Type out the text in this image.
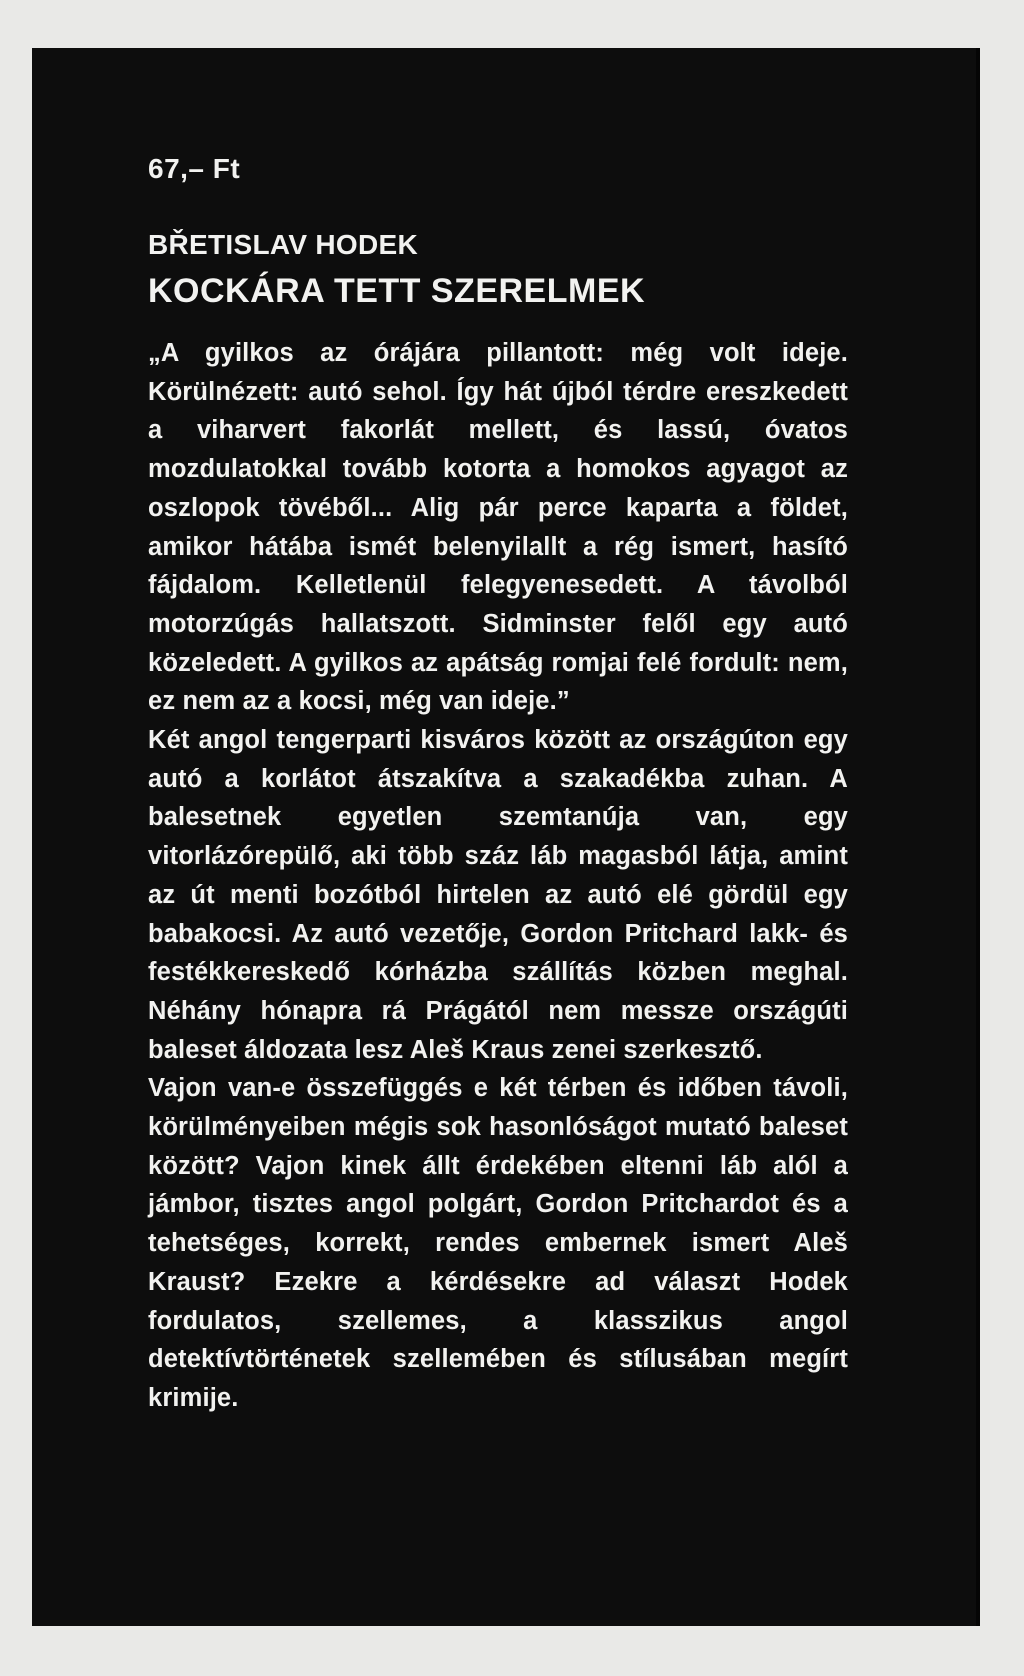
67,– Ft
BŘETISLAV HODEK
KOCKÁRA TETT SZERELMEK

„A gyilkos az órájára pillantott: még volt ideje. Körülnézett: autó sehol. Így hát újból térdre ereszkedett a viharvert fakorlát mellett, és lassú, óvatos mozdulatokkal tovább kotorta a homokos agyagot az oszlopok tövéből... Alig pár perce kaparta a földet, amikor hátába ismét belenyilallt a rég ismert, hasító fájdalom. Kelletlenül felegyenesedett. A távolból motorzúgás hallatszott. Sidminster felől egy autó közeledett. A gyilkos az apátság romjai felé fordult: nem, ez nem az a kocsi, még van ideje.”

Két angol tengerparti kisváros között az országúton egy autó a korlátot átszakítva a szakadékba zuhan. A balesetnek egyetlen szemtanúja van, egy vitorlázórepülő, aki több száz láb magasból látja, amint az út menti bozótból hirtelen az autó elé gördül egy babakocsi. Az autó vezetője, Gordon Pritchard lakk- és festékkereskedő kórházba szállítás közben meghal. Néhány hónapra rá Prágától nem messze országúti baleset áldozata lesz Aleš Kraus zenei szerkesztő.

Vajon van-e összefüggés e két térben és időben távoli, körülményeiben mégis sok hasonlóságot mutató baleset között? Vajon kinek állt érdekében eltenni láb alól a jámbor, tisztes angol polgárt, Gordon Pritchardot és a tehetséges, korrekt, rendes embernek ismert Aleš Kraust? Ezekre a kérdésekre ad választ Hodek fordulatos, szellemes, a klasszikus angol detektívtörténetek szellemében és stílusában megírt krimije.
